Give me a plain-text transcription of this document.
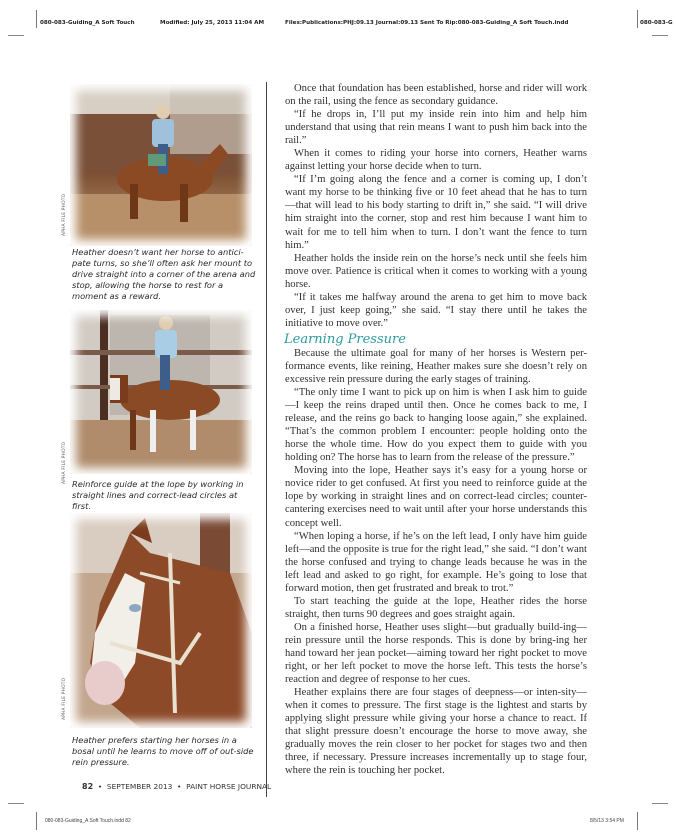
080-083-Guiding_A Soft Touch	Modified: July 25, 2013 11:04 AM	Files:Publications:PHJ:09.13 Journal:09.13 Sent To Rip:080-083-Guiding_A Soft Touch.indd	080-083-G
APHA FILE PHOTO
Heather doesn’t want her horse to antici-pate turns, so she’ll often ask her mount to drive straight into a corner of the arena and stop, allowing the horse to rest for a moment as a reward.
APHA FILE PHOTO Reinforce guide at the lope by working in straight lines and correct-lead circles at first.
APHA FILE PHOTO
Heather prefers starting her horses in a bosal until he learns to move off of out-side rein pressure.

Once that foundation has been established, horse and rider will work on the rail, using the fence as secondary guidance.

“If he drops in, I’ll put my inside rein into him and help him understand that using that rein means I want to push him back into the rail.”

When it comes to riding your horse into corners, Heather warns against letting your horse decide when to turn.

“If I’m going along the fence and a corner is coming up, I don’t want my horse to be thinking five or 10 feet ahead that he has to turn—that will lead to his body starting to drift in,” she said. “I will drive him straight into the corner, stop and rest him because I want him to wait for me to tell him when to turn. I don’t want the fence to turn him.”

Heather holds the inside rein on the horse’s neck until she feels him move over. Patience is critical when it comes to working with a young horse.

“If it takes me halfway around the arena to get him to move back over, I just keep going,” she said. “I stay there until he takes the initiative to move over.”

Learning Pressure

Because the ultimate goal for many of her horses is Western per-formance events, like reining, Heather makes sure she doesn’t rely on excessive rein pressure during the early stages of training.

“The only time I want to pick up on him is when I ask him to guide—I keep the reins draped until then. Once he comes back to me, I release, and the reins go back to hanging loose again,” she explained. “That’s the common problem I encounter: people holding onto the horse the whole time. How do you expect them to guide with you holding on? The horse has to learn from the release of the pressure.”

Moving into the lope, Heather says it’s easy for a young horse or novice rider to get confused. At first you need to reinforce guide at the lope by working in straight lines and on correct-lead circles; counter-cantering exercises need to wait until after your horse understands this concept well.

“When loping a horse, if he’s on the left lead, I only have him guide left—and the opposite is true for the right lead,” she said. “I don’t want the horse confused and trying to change leads because he was in the left lead and asked to go right, for example. He’s going to lose that forward motion, then get frustrated and break to trot.”

To start teaching the guide at the lope, Heather rides the horse straight, then turns 90 degrees and goes straight again.

On a finished horse, Heather uses slight—but gradually build-ing—rein pressure until the horse responds. This is done by bring-ing her hand toward her jean pocket—aiming toward her right pocket to move right, or her left pocket to move the horse left. This tests the horse’s reaction and degree of response to her cues.

Heather explains there are four stages of deepness—or inten-sity—when it comes to pressure. The first stage is the lightest and starts by applying slight pressure while giving your horse a chance to react. If that slight pressure doesn’t encourage the horse to move away, she gradually moves the rein closer to her pocket for stages two and then three, if necessary. Pressure increases incrementally up to stage four, where the rein is touching her pocket.

82 • SEPTEMBER 2013 • PAINT HORSE JOURNAL
080-083-Guiding_A Soft Touch.indd 82	8/5/13 3:54 PM
